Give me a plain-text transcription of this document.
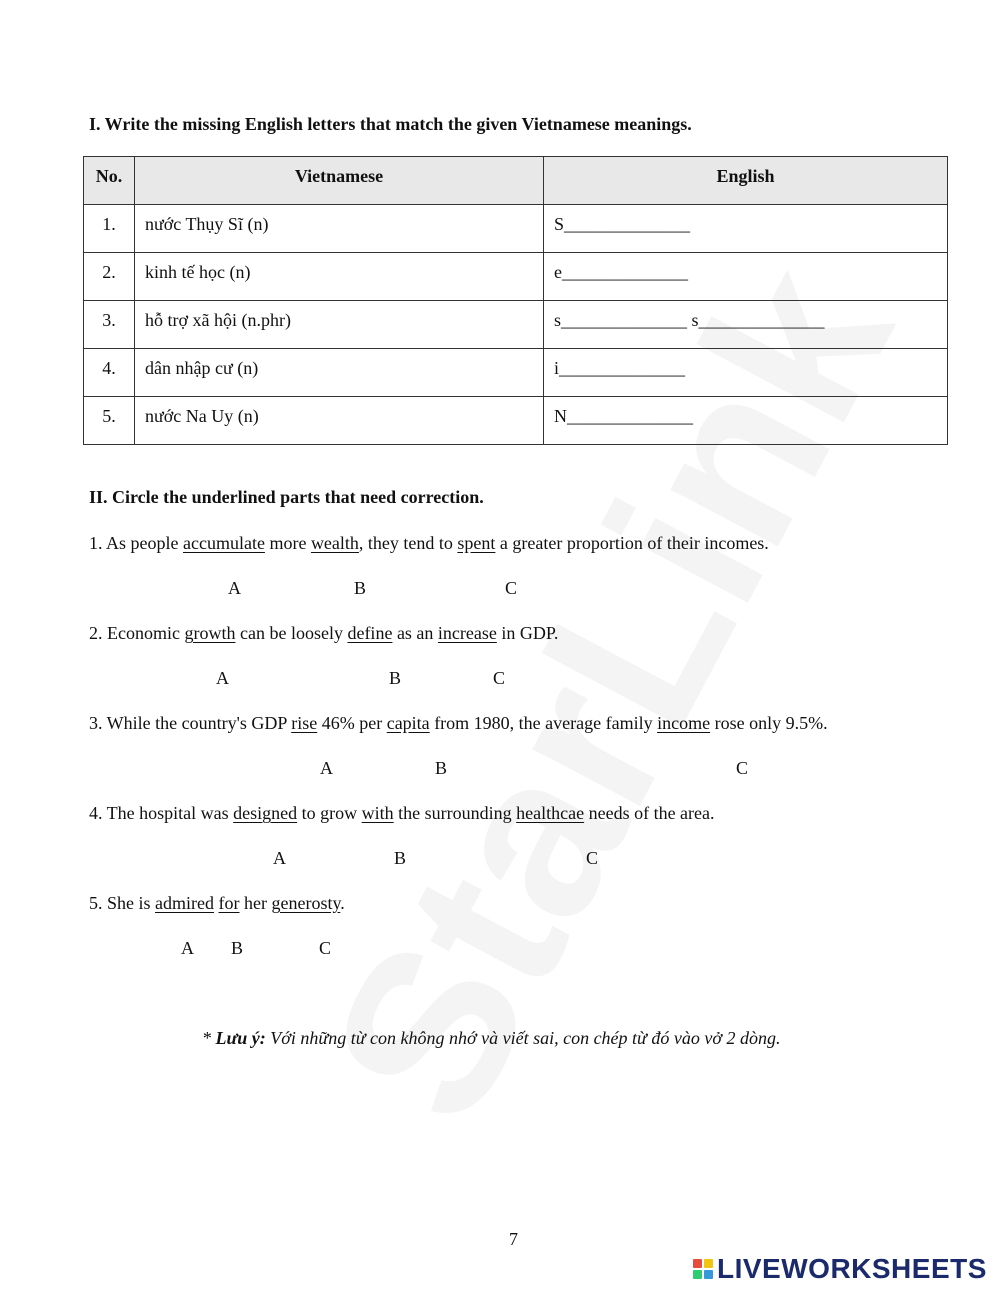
I. Write the missing English letters that match the given Vietnamese meanings.
No.	Vietnamese	English
1.	nước Thụy Sĩ (n)	S______________
2.	kinh tế học (n)	e______________
3.	hỗ trợ xã hội (n.phr)	s______________ s______________
4.	dân nhập cư (n)	i______________
5.	nước Na Uy (n)	N______________
II. Circle the underlined parts that need correction.
1. As people accumulate more wealth, they tend to spent a greater proportion of their incomes.
A	B	C
2. Economic growth can be loosely define as an increase in GDP.
A	B	C
3. While the country's GDP rise 46% per capita from 1980, the average family income rose only 9.5%.
A	B	C
4. The hospital was designed to grow with the surrounding healthcae needs of the area.
A	B	C
5. She is admired for her generosty.
A B	C
* Lưu ý: Với những từ con không nhớ và viết sai, con chép từ đó vào vở 2 dòng.
7
LIVEWORKSHEETS
